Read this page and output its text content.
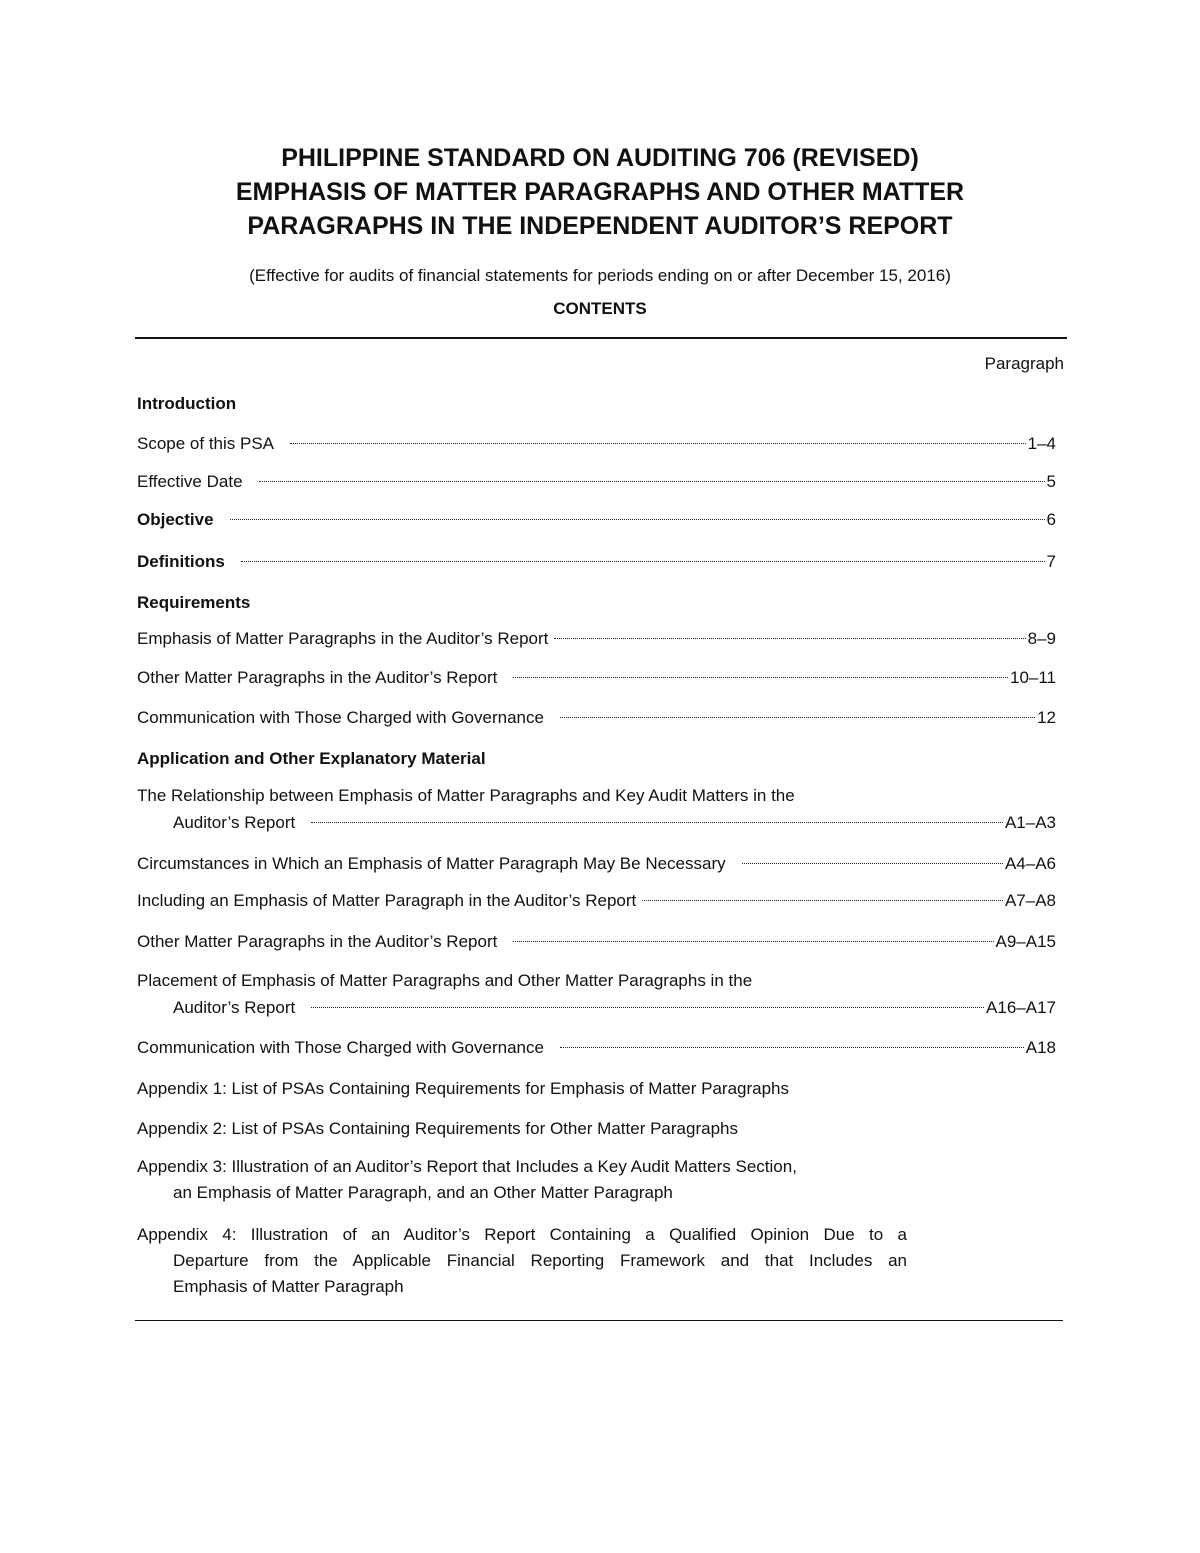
PHILIPPINE STANDARD ON AUDITING 706 (REVISED)
EMPHASIS OF MATTER PARAGRAPHS AND OTHER MATTER
PARAGRAPHS IN THE INDEPENDENT AUDITOR’S REPORT
(Effective for audits of financial statements for periods ending on or after December 15, 2016)
CONTENTS
Paragraph
Introduction
Scope of this PSA	1–4
Effective Date	5
Objective	6
Definitions	7
Requirements
Emphasis of Matter Paragraphs in the Auditor’s Report	8–9
Other Matter Paragraphs in the Auditor’s Report	10–11
Communication with Those Charged with Governance	12
Application and Other Explanatory Material
The Relationship between Emphasis of Matter Paragraphs and Key Audit Matters in the
Auditor’s Report	A1–A3
Circumstances in Which an Emphasis of Matter Paragraph May Be Necessary	A4–A6
Including an Emphasis of Matter Paragraph in the Auditor’s Report	A7–A8
Other Matter Paragraphs in the Auditor’s Report	A9–A15
Placement of Emphasis of Matter Paragraphs and Other Matter Paragraphs in the
Auditor’s Report	A16–A17
Communication with Those Charged with Governance	A18
Appendix 1: List of PSAs Containing Requirements for Emphasis of Matter Paragraphs
Appendix 2: List of PSAs Containing Requirements for Other Matter Paragraphs
Appendix 3: Illustration of an Auditor’s Report that Includes a Key Audit Matters Section,
an Emphasis of Matter Paragraph, and an Other Matter Paragraph
Appendix 4: Illustration of an Auditor’s Report Containing a Qualified Opinion Due to a
Departure from the Applicable Financial Reporting Framework and that Includes an
Emphasis of Matter Paragraph
